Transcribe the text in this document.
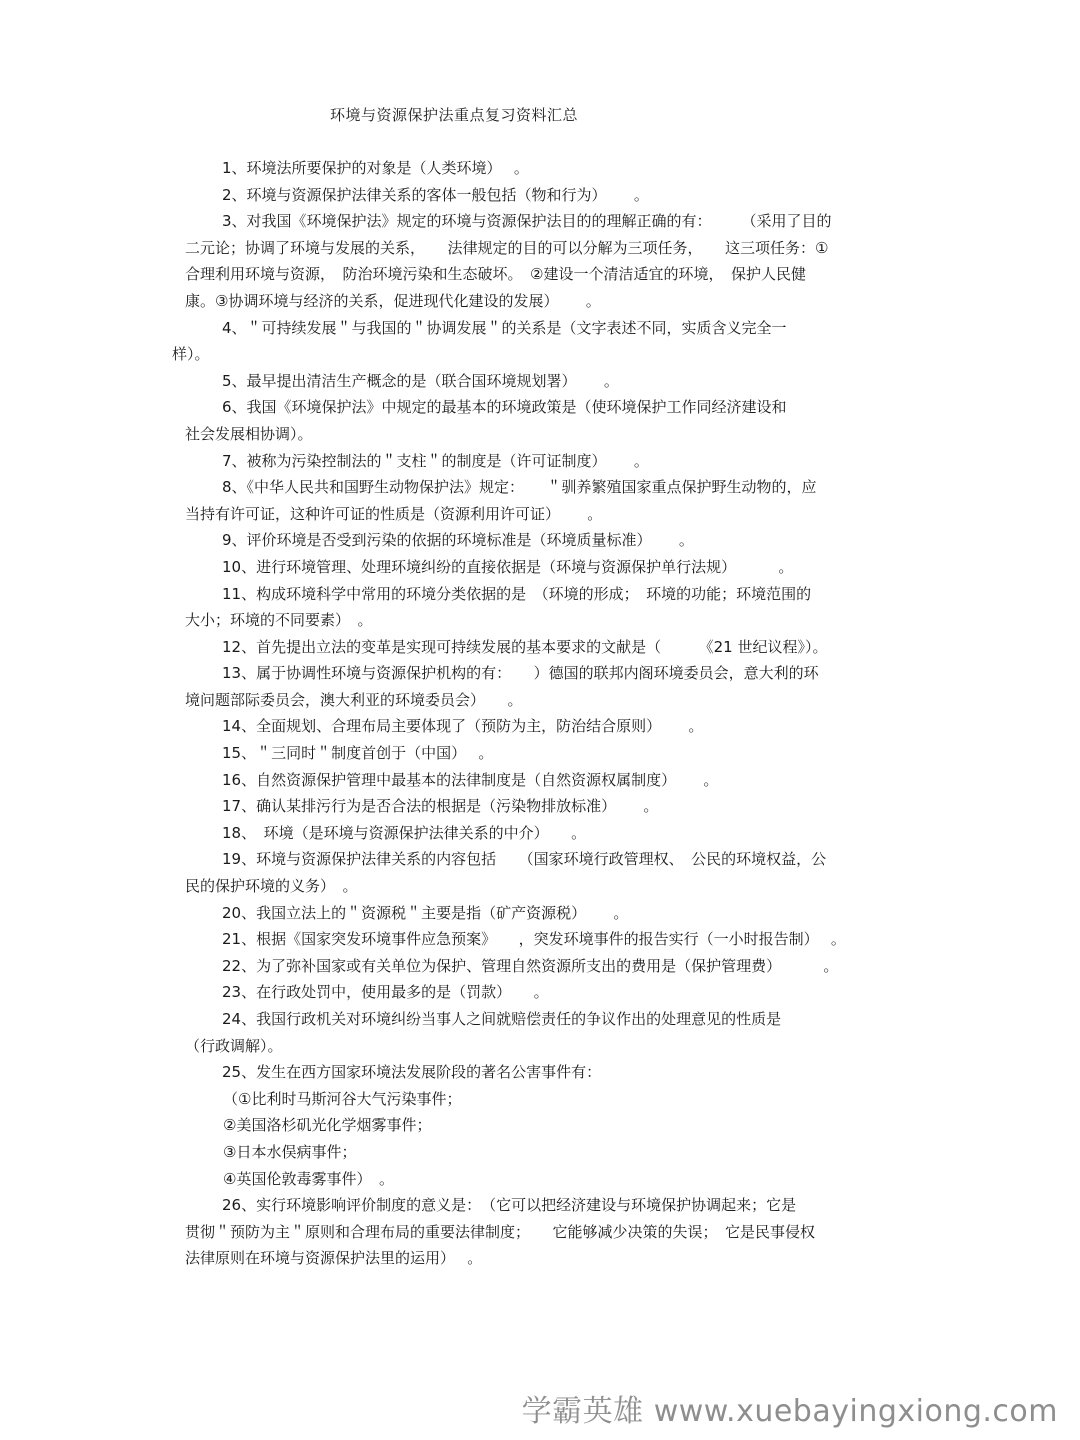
环境与资源保护法重点复习资料汇总
1、环境法所要保护的对象是（人类环境）　 。
2、环境与资源保护法律关系的客体一般包括（物和行为）　　 。
3、对我国《环境保护法》规定的环境与资源保护法目的的理解正确的有：　　　（采用了目的
二元论；协调了环境与发展的关系，　　法律规定的目的可以分解为三项任务，　　这三项任务：①
合理利用环境与资源，　防治环境污染和生态破坏。　②建设一个清洁适宜的环境，　保护人民健
康。③协调环境与经济的关系，促进现代化建设的发展）　　 。
4、＂可持续发展＂与我国的＂协调发展＂的关系是（文字表述不同，实质含义完全一
样）。
5、最早提出清洁生产概念的是（联合国环境规划署）　　 。
6、我国《环境保护法》中规定的最基本的环境政策是（使环境保护工作同经济建设和
社会发展相协调）。
7、被称为污染控制法的＂支柱＂的制度是（许可证制度）　　 。
8、《中华人民共和国野生动物保护法》规定：　　＂驯养繁殖国家重点保护野生动物的，应
当持有许可证，这种许可证的性质是（资源利用许可证）　　 。
9、评价环境是否受到污染的依据的环境标准是（环境质量标准）　　 。
10、进行环境管理、处理环境纠纷的直接依据是（环境与资源保护单行法规）　　　 。
11、构成环境科学中常用的环境分类依据的是　（环境的形成；　环境的功能；环境范围的
大小；环境的不同要素）　。
12、首先提出立法的变革是实现可持续发展的基本要求的文献是（　　　《21 世纪议程》）。
13、属于协调性环境与资源保护机构的有：　　）德国的联邦内阁环境委员会，意大利的环
境问题部际委员会，澳大利亚的环境委员会）　　。
14、全面规划、合理布局主要体现了（预防为主，防治结合原则）　　 。
15、＂三同时＂制度首创于（中国）　 。
16、自然资源保护管理中最基本的法律制度是（自然资源权属制度）　　 。
17、确认某排污行为是否合法的根据是（污染物排放标准）　　 。
18、　环境（是环境与资源保护法律关系的中介）　　。
19、环境与资源保护法律关系的内容包括　　（国家环境行政管理权、　公民的环境权益，公
民的保护环境的义务）　。
20、我国立法上的＂资源税＂主要是指（矿产资源税）　　 。
21、根据《国家突发环境事件应急预案》　　，突发环境事件的报告实行（一小时报告制）　 。
22、为了弥补国家或有关单位为保护、管理自然资源所支出的费用是（保护管理费）　　　 。
23、在行政处罚中，使用最多的是（罚款）　　。
24、我国行政机关对环境纠纷当事人之间就赔偿责任的争议作出的处理意见的性质是
（行政调解）。
25、发生在西方国家环境法发展阶段的著名公害事件有：
（①比利时马斯河谷大气污染事件；
②美国洛杉矶光化学烟雾事件；
③日本水俣病事件；
④英国伦敦毒雾事件）　。
26、实行环境影响评价制度的意义是：　（它可以把经济建设与环境保护协调起来；它是
贯彻＂预防为主＂原则和合理布局的重要法律制度；　　它能够减少决策的失误；　它是民事侵权
法律原则在环境与资源保护法里的运用）　 。
学霸英雄 www.xuebayingxiong.com
